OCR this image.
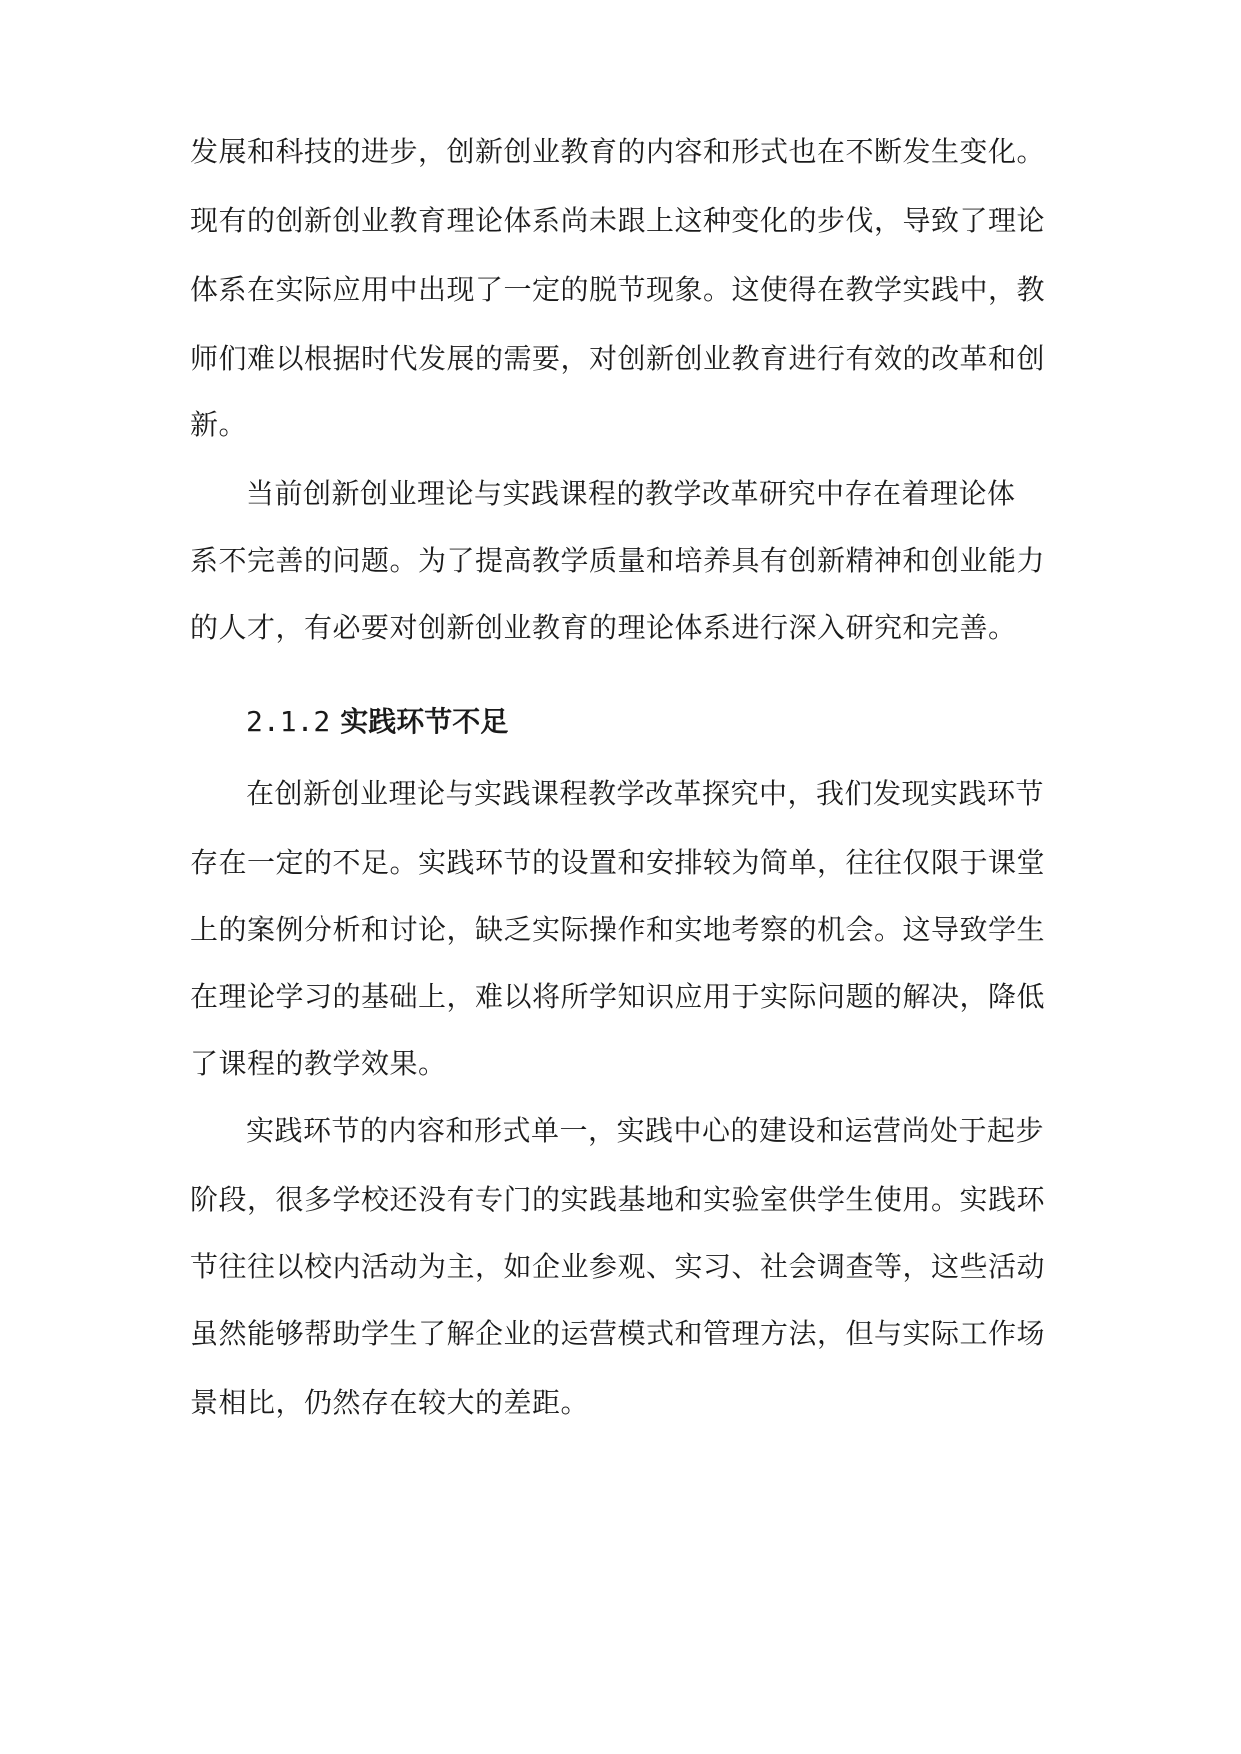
发展和科技的进步，创新创业教育的内容和形式也在不断发生变化。
现有的创新创业教育理论体系尚未跟上这种变化的步伐，导致了理论
体系在实际应用中出现了一定的脱节现象。这使得在教学实践中，教
师们难以根据时代发展的需要，对创新创业教育进行有效的改革和创
新。
当前创新创业理论与实践课程的教学改革研究中存在着理论体
系不完善的问题。为了提高教学质量和培养具有创新精神和创业能力
的人才，有必要对创新创业教育的理论体系进行深入研究和完善。
2.1.2 实践环节不足
在创新创业理论与实践课程教学改革探究中，我们发现实践环节
存在一定的不足。实践环节的设置和安排较为简单，往往仅限于课堂
上的案例分析和讨论，缺乏实际操作和实地考察的机会。这导致学生
在理论学习的基础上，难以将所学知识应用于实际问题的解决，降低
了课程的教学效果。
实践环节的内容和形式单一，实践中心的建设和运营尚处于起步
阶段，很多学校还没有专门的实践基地和实验室供学生使用。实践环
节往往以校内活动为主，如企业参观、实习、社会调查等，这些活动
虽然能够帮助学生了解企业的运营模式和管理方法，但与实际工作场
景相比，仍然存在较大的差距。
